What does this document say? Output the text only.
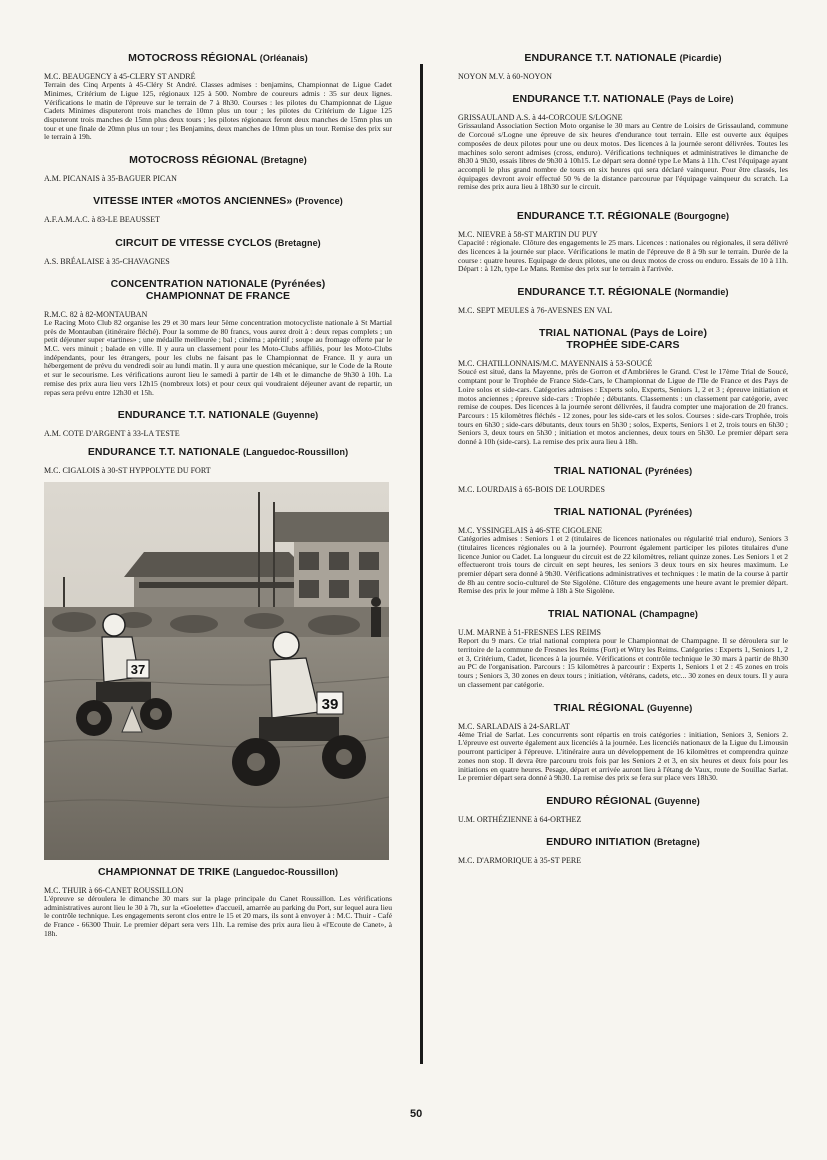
MOTOCROSS RÉGIONAL (Orléanais)

M.C. BEAUGENCY à 45-CLERY ST ANDRÉ

Terrain des Cinq Arpents à 45-Cléry St André. Classes admises : benjamins, Championnat de Ligue Cadet Minimes, Critérium de Ligue 125, régionaux 125 à 500. Nombre de coureurs admis : 35 sur deux lignes. Vérifications le matin de l'épreuve sur le terrain de 7 à 8h30. Courses : les pilotes du Championnat de Ligue Cadets Minimes disputeront trois manches de 10mn plus un tour ; les pilotes du Critérium de Ligue 125 disputeront trois manches de 15mn plus deux tours ; les pilotes régionaux feront deux manches de 15mn plus un tour et une finale de 20mn plus un tour ; les Benjamins, deux manches de 10mn plus un tour. Remise des prix sur le terrain à 19h.

MOTOCROSS RÉGIONAL (Bretagne)

A.M. PICANAIS à 35-BAGUER PICAN

VITESSE INTER «MOTOS ANCIENNES» (Provence)

A.F.A.M.A.C. à 83-LE BEAUSSET

CIRCUIT DE VITESSE CYCLOS (Bretagne)

A.S. BRÉALAISE à 35-CHAVAGNES

CONCENTRATION NATIONALE (Pyrénées)
CHAMPIONNAT DE FRANCE

R.M.C. 82 à 82-MONTAUBAN

Le Racing Moto Club 82 organise les 29 et 30 mars leur 5ème concentration motocycliste nationale à St Martial près de Montauban (itinéraire fléché). Pour la somme de 80 francs, vous aurez droit à : deux repas complets ; un petit déjeuner super «tartines» ; une médaille meilleurée ; bal ; cinéma ; apéritif ; soupe au fromage offerte par le M.C. vers minuit ; balade en ville. Il y aura un classement pour les Moto-Clubs affiliés, pour les Moto-Clubs indépendants, pour les étrangers, pour les clubs ne faisant pas le Championnat de France. Il y aura un hébergement de prévu du vendredi soir au lundi matin. Il y aura une question mécanique, sur le Code de la Route et sur le secourisme. Les vérifications auront lieu le samedi à partir de 14h et le dimanche de 9h30 à 10h. La remise des prix aura lieu vers 12h15 (nombreux lots) et pour ceux qui voudraient déjeuner avant de repartir, un repas sera prévu entre 12h30 et 15h.

ENDURANCE T.T. NATIONALE (Guyenne)

A.M. COTE D'ARGENT à 33-LA TESTE

ENDURANCE T.T. NATIONALE (Languedoc-Roussillon)

M.C. CIGALOIS à 30-ST HYPPOLYTE DU FORT

37
39
CHAMPIONNAT DE TRIKE (Languedoc-Roussillon)

M.C. THUIR à 66-CANET ROUSSILLON

L'épreuve se déroulera le dimanche 30 mars sur la plage principale du Canet Roussillon. Les vérifications administratives auront lieu le 30 à 7h, sur la «Goelette» d'accueil, amarrée au parking du Port, sur lequel aura lieu le contrôle technique. Les engagements seront clos entre le 15 et 20 mars, ils sont à envoyer à : M.C. Thuir - Café de France - 66300 Thuir. Le premier départ sera vers 11h. La remise des prix aura lieu à «l'Ecoute de Canet», à 18h.

ENDURANCE T.T. NATIONALE (Picardie)

NOYON M.V. à 60-NOYON

ENDURANCE T.T. NATIONALE (Pays de Loire)

GRISSAULAND A.S. à 44-CORCOUE S/LOGNE

Grissauland Association Section Moto organise le 30 mars au Centre de Loisirs de Grissauland, commune de Corcoué s/Logne une épreuve de six heures d'endurance tout terrain. Elle est ouverte aux équipes composées de deux pilotes pour une ou deux motos. Des licences à la journée seront délivrées. Toutes les machines solo seront admises (cross, enduro). Vérifications techniques et administratives le dimanche de 8h30 à 9h30, essais libres de 9h30 à 10h15. Le départ sera donné type Le Mans à 11h. C'est l'équipage ayant accompli le plus grand nombre de tours en six heures qui sera déclaré vainqueur. Pour être classés, les équipages devront avoir effectué 50 % de la distance parcourue par l'équipage vainqueur du scratch. La remise des prix aura lieu à 18h30 sur le circuit.

ENDURANCE T.T. RÉGIONALE (Bourgogne)

M.C. NIEVRE à 58-ST MARTIN DU PUY

Capacité : régionale. Clôture des engagements le 25 mars. Licences : nationales ou régionales, il sera délivré des licences à la journée sur place. Vérifications le matin de l'épreuve de 8 à 9h sur le terrain. Durée de la course : quatre heures. Equipage de deux pilotes, une ou deux motos de cross ou enduro. Essais de 10 à 11h. Départ : à 12h, type Le Mans. Remise des prix sur le terrain à l'arrivée.

ENDURANCE T.T. RÉGIONALE (Normandie)

M.C. SEPT MEULES à 76-AVESNES EN VAL

TRIAL NATIONAL (Pays de Loire)
TROPHÉE SIDE-CARS

M.C. CHATILLONNAIS/M.C. MAYENNAIS à 53-SOUCÉ

Soucé est situé, dans la Mayenne, près de Gorron et d'Ambrières le Grand. C'est le 17ème Trial de Soucé, comptant pour le Trophée de France Side-Cars, le Championnat de Ligue de l'Ile de France et des Pays de Loire solos et side-cars. Catégories admises : Experts solo, Experts, Seniors 1, 2 et 3 ; épreuve initiation et motos anciennes ; épreuve side-cars : Trophée ; débutants. Classements : un classement par catégorie, avec remise de coupes. Des licences à la journée seront délivrées, il faudra compter une majoration de 20 francs. Parcours : 15 kilomètres fléchés - 12 zones, pour les side-cars et les solos. Courses : side-cars Trophée, trois tours en 6h30 ; side-cars débutants, deux tours en 5h30 ; solos, Experts, Seniors 1 et 2, trois tours en 6h30 ; Seniors 3, deux tours en 5h30 ; initiation et motos anciennes, deux tours en 5h30. Le premier départ sera donné à 10h (side-cars). La remise des prix aura lieu à 18h.

TRIAL NATIONAL (Pyrénées)

M.C. LOURDAIS à 65-BOIS DE LOURDES

TRIAL NATIONAL (Pyrénées)

M.C. YSSINGELAIS à 46-STE CIGOLENE

Catégories admises : Seniors 1 et 2 (titulaires de licences nationales ou régularité trial enduro), Seniors 3 (titulaires licences régionales ou à la journée). Pourront également participer les pilotes titulaires d'une licence Junior ou Cadet. La longueur du circuit est de 22 kilomètres, reliant quinze zones. Les Seniors 1 et 2 effectueront trois tours de circuit en sept heures, les seniors 3 deux tours en six heures maximum. Le premier départ sera donné à 9h30. Vérifications administratives et techniques : le matin de la course à partir de 8h au centre socio-culturel de Ste Sigolène. Clôture des engagements une heure avant le premier départ. Remise des prix le jour même à 18h à Ste Sigolène.

TRIAL NATIONAL (Champagne)

U.M. MARNE à 51-FRESNES LES REIMS

Report du 9 mars. Ce trial national comptera pour le Championnat de Champagne. Il se déroulera sur le territoire de la commune de Fresnes les Reims (Fort) et Witry les Reims. Catégories : Experts 1, Seniors 1, 2 et 3, Critérium, Cadet, licences à la journée. Vérifications et contrôle technique le 30 mars à partir de 8h30 au PC de l'organisation. Parcours : 15 kilomètres à parcourir : Experts 1, Seniors 1 et 2 : 45 zones en trois tours ; Seniors 3, 30 zones en deux tours ; initiation, vétérans, cadets, etc... 30 zones en deux tours. Il y aura un classement par catégorie.

TRIAL RÉGIONAL (Guyenne)

M.C. SARLADAIS à 24-SARLAT

4ème Trial de Sarlat. Les concurrents sont répartis en trois catégories : initiation, Seniors 3, Seniors 2. L'épreuve est ouverte également aux licenciés à la journée. Les licenciés nationaux de la Ligue du Limousin pourront participer à l'épreuve. L'itinéraire aura un développement de 16 kilomètres et comprendra quinze zones non stop. Il devra être parcouru trois fois par les Seniors 2 et 3, en six heures et deux fois pour les initiations en quatre heures. Pesage, départ et arrivée auront lieu à l'étang de Vaux, route de Souillac Sarlat. Le premier départ sera donné à 9h30. La remise des prix se fera sur place vers 18h30.

ENDURO RÉGIONAL (Guyenne)

U.M. ORTHÉZIENNE à 64-ORTHEZ

ENDURO INITIATION (Bretagne)

M.C. D'ARMORIQUE à 35-ST PERE

50
